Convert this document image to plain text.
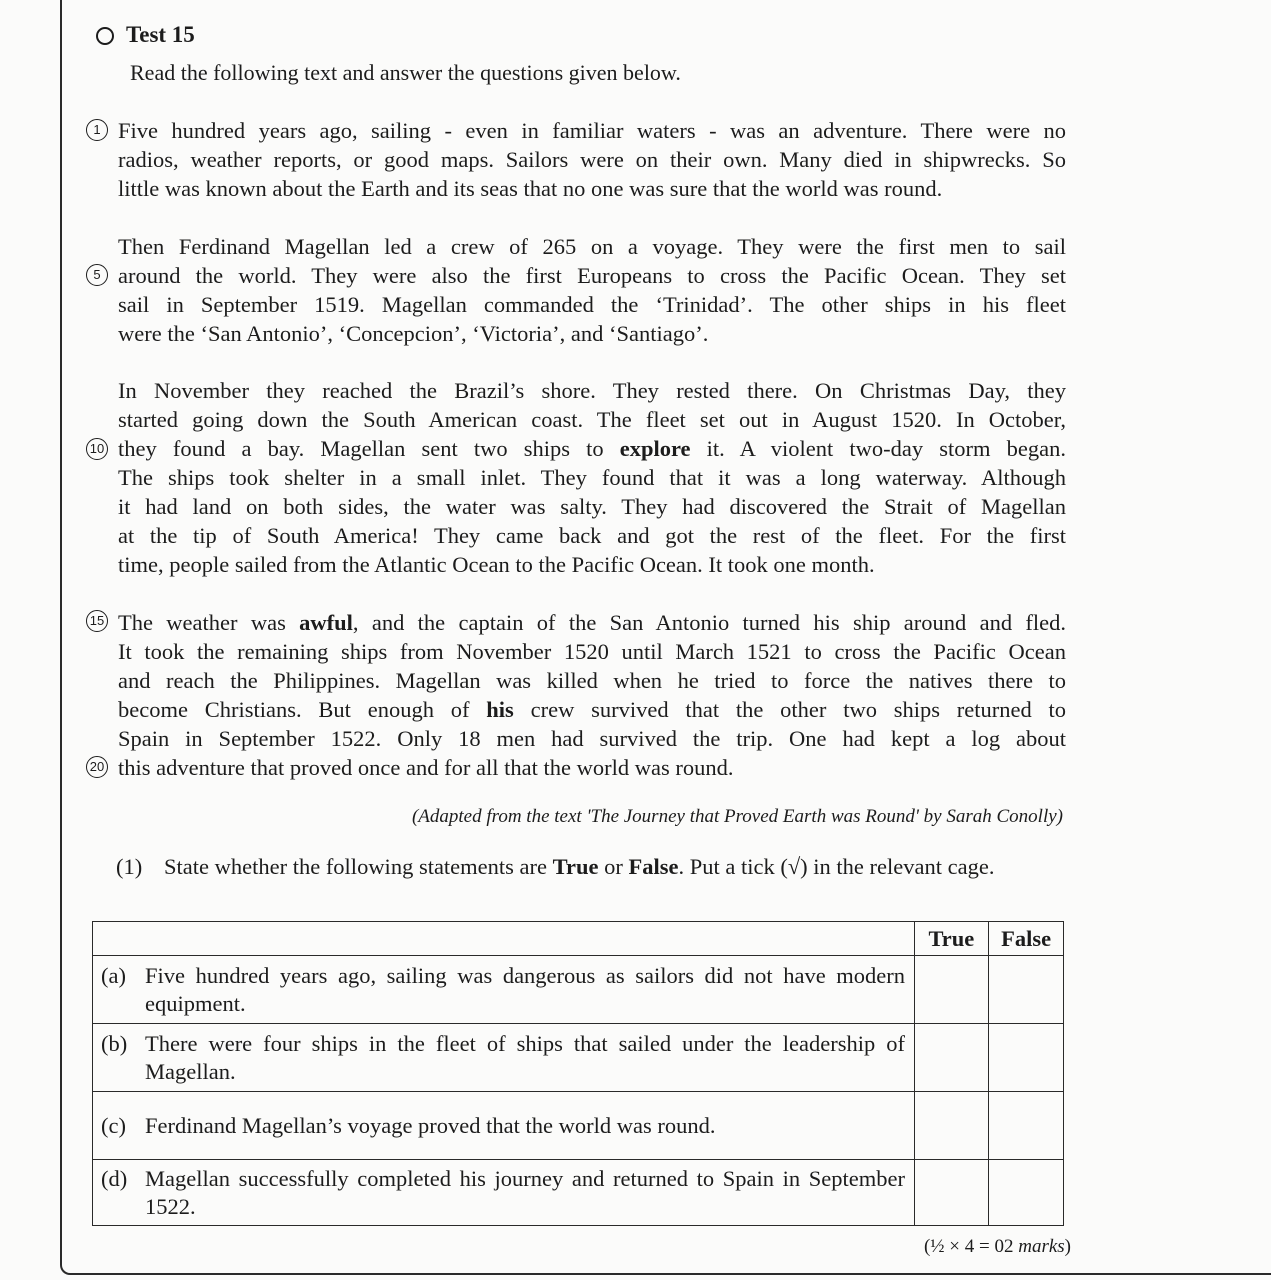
Test 15
Read the following text and answer the questions given below.
1
5
10
15
20
Five hundred years ago, sailing - even in familiar waters - was an adventure. There were no
radios, weather reports, or good maps. Sailors were on their own. Many died in shipwrecks. So
little was known about the Earth and its seas that no one was sure that the world was round.
Then Ferdinand Magellan led a crew of 265 on a voyage. They were the first men to sail
around the world. They were also the first Europeans to cross the Pacific Ocean. They set
sail in September 1519. Magellan commanded the ‘Trinidad’. The other ships in his fleet
were the ‘San Antonio’, ‘Concepcion’, ‘Victoria’, and ‘Santiago’.
In November they reached the Brazil’s shore. They rested there. On Christmas Day, they
started going down the South American coast. The fleet set out in August 1520. In October,
they found a bay. Magellan sent two ships to explore it. A violent two-day storm began.
The ships took shelter in a small inlet. They found that it was a long waterway. Although
it had land on both sides, the water was salty. They had discovered the Strait of Magellan
at the tip of South America! They came back and got the rest of the fleet. For the first
time, people sailed from the Atlantic Ocean to the Pacific Ocean. It took one month.
The weather was awful, and the captain of the San Antonio turned his ship around and fled.
It took the remaining ships from November 1520 until March 1521 to cross the Pacific Ocean
and reach the Philippines. Magellan was killed when he tried to force the natives there to
become Christians. But enough of his crew survived that the other two ships returned to
Spain in September 1522. Only 18 men had survived the trip. One had kept a log about
this adventure that proved once and for all that the world was round.
(Adapted from the text 'The Journey that Proved Earth was Round' by Sarah Conolly)
(1) State whether the following statements are True or False. Put a tick (√) in the relevant cage.
	True	False
(a) Five hundred years ago, sailing was dangerous as sailors did not have modern equipment.		
(b) There were four ships in the fleet of ships that sailed under the leadership of Magellan.		
(c) Ferdinand Magellan’s voyage proved that the world was round.		
(d) Magellan successfully completed his journey and returned to Spain in September 1522.		
(½ × 4 = 02 marks)
